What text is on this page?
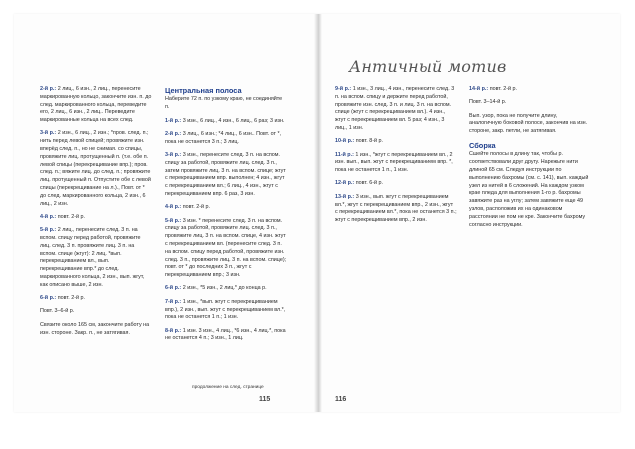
2-й р.: 2 лиц., 6 изн., 2 лиц., перенесите маркированную кольцо, закончите изн. п. до след. маркированного кольца, переведите его, 2 лиц., 6 изн., 2 лиц.. Переведите маркированные кольца на всех след.

3-й р.: 2 изн., 6 лиц., 2 изн.; *пров. след. п.; нить перед левой спицей; провяжите изн. вперёд след. п., но не снимая. со спицы, провяжите лиц. протущенный п. (т.е. обе п. левой спицы (перекрещивание впр.); пров. след. п.; вяжите лиц. до след. п.; провяжите лиц. протущенный п. Отпустите обе с левой спицы (перекрещивание на л.)., Повт. от * до след. маркированного кольца, 2 изн., 6 лиц., 2 изн.

4-й р.: повт. 2-й р.

5-й р.: 2 лиц., перенесите след. 3 п. на вспом. спицу перед работой, провяжите лиц. след. 3 п. провяжите лиц. 3 п. на вспом. спице (жгут): 2 лиц. *вып. перекрещиванием вл., вып. перекрещивание впр.* до след. маркированного кольца, 2 изн., вып. жгут, как описано выше, 2 изн.

6-й р.: повт. 2-й р.

Повт. 3–6-й р.

Связите около 165 см, закончите работу на изн. стороне. Закр. п., не затягивая.

Центральная полоса
Наберите 72 п. по узкому краю, не соединяйте п.

1-й р.: 3 изн., 6 лиц., 4 изн., 6 лиц., 6 раз; 3 изн.

2-й р.: 3 лиц., 6 изн.; *4 лиц., 6 изн.. Повт. от *, пока не останется 3 п.; 3 лиц.

3-й р.: 3 изн., перенесите след. 3 п. на вспом. спицу за работой, провяжите лиц. след. 3 п., затем провяжите лиц. 3 п. на вспом. спице; жгут с перекрещиванием впр. выполнен; 4 изн., жгут с перекрещиванием вл.; 6 лиц., 4 изн., жгут с перекрещиванием впр. 6 раз, 3 изн.

4-й р.: повт. 2-й р.

5-й р.: 3 изн. * перенесите след. 3 п. на вспом. спицу за работой, провяжите лиц. след. 3 п., провяжите лиц. 3 п. на вспом. спице, 4 изн. жгут с перекрещиванием вл. (перенесите след. 3 п. на вспом. спицу перед работой, провяжите изн. след. 3 п., провяжите лиц. 3 п. на вспом. спице); повт. от * до последних 3 п., жгут с перекрещиванием впр.; 3 изн.

6-й р.: 2 изн., *5 изн., 2 лиц.* до конца р.

7-й р.: 1 изн., *вып. жгут с перекрещиванием впр.), 2 изн., вып. жгут с перекрещиванием вл.*, пока не останется 1 п.; 1 изн.

8-й р.: 1 изн. 3 изн., 4 лиц., *6 изн., 4 лиц.*, пока не останется 4 п.; 3 изн., 1 лиц.

продолжение на след. странице
115
Античный мотив

9-й р.: 1 изн., 3 лиц., 4 изн., перенесите след. 3 п. на вспом. спицу и держите перед работой, провяжите изн. след. 3 п. и лиц. 3 п. на вспом. спице (жгут с перекрещиванием вл.). 4 изн., жгут с перекрещиванием вл. 5 раз; 4 изн., 3 лиц., 1 изн.

10-й р.: повт. 8-й р.

11-й р.: 1 изн., *жгут с перекрещиванием вл., 2 изн. вып., вып. жгут с перекрещиванием впр. *, пока не останется 1 п., 1 изн.

12-й р.: повт. 6-й р.

13-й р.: 3 изн., вып. жгут с перекрещиванием вл.*, жгут с перекрещиванием впр., 2 изн., жгут с перекрещиванием вл.*, пока не останется 3 п.; жгут с перекрещиванием впр., 2 изн.

14-й р.: повт. 2-й р.

Повт. 3–14-й р.

Вып. узор, пока не получите длину, аналогичную боковой полосе, закончив на изн. стороне, закр. петли, не затягивая.

Сборка
Сшейте полосы в длину так, чтобы р. соответствовали друг другу. Нарежьте нити длиной 65 см. Следуя инструкции по выполнению бахромы (см. с. 141), вып. каждый узел из нитей в 6 сложений. На каждом узком крае пледа для выполнения 1-го р. бахромы завяжите раз на углу; затем завяжите еще 49 узлов, расположив их на одинаковом расстоянии не пом не кре. Закончите бахрому согласно инструкции.
116
